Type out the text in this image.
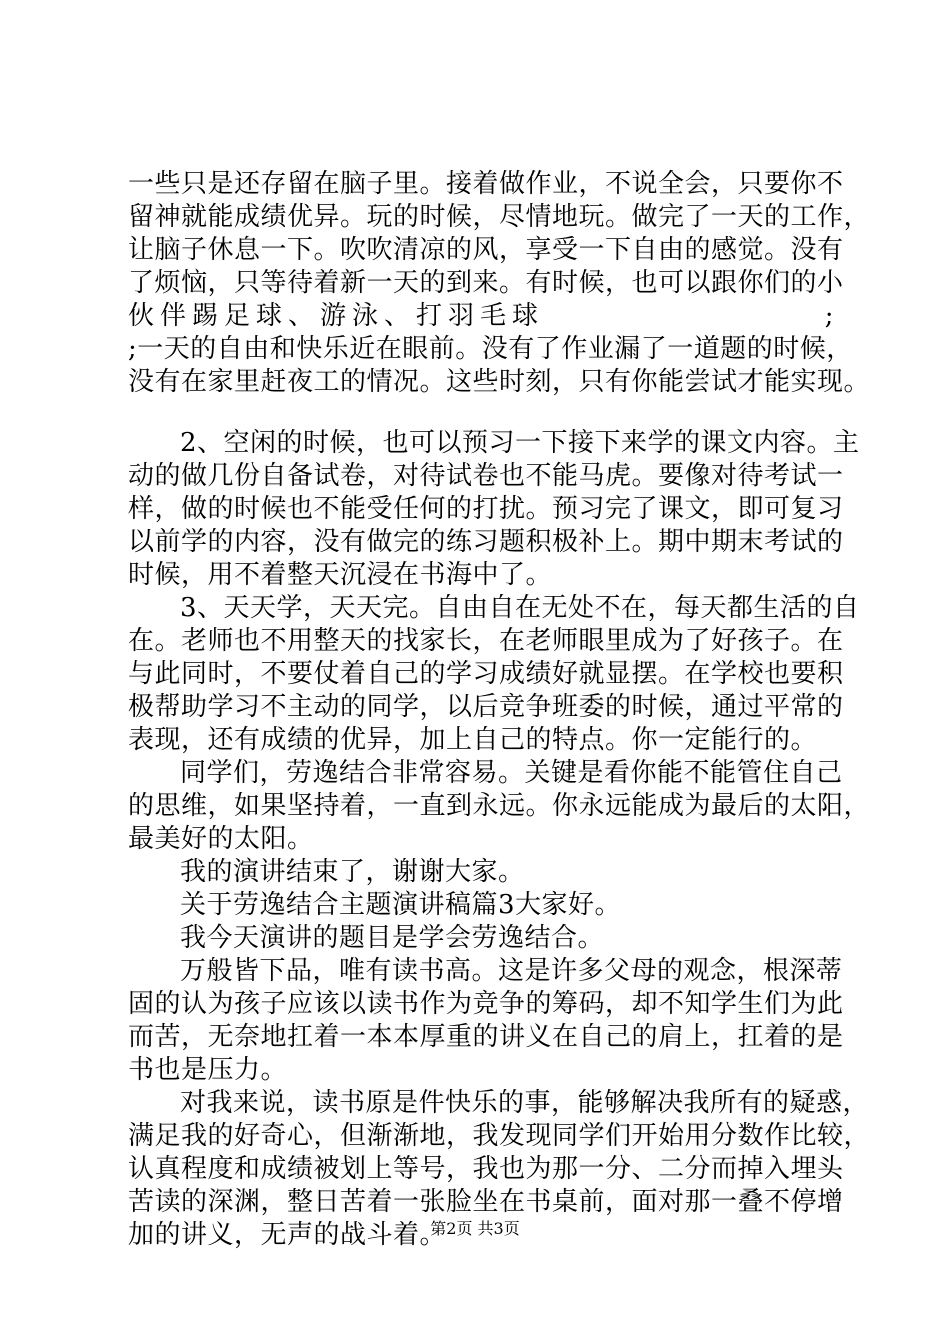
一些只是还存留在脑子里。接着做作业，不说全会，只要你不
留神就能成绩优异。玩的时候，尽情地玩。做完了一天的工作，
让脑子休息一下。吹吹清凉的风，享受一下自由的感觉。没有
了烦恼，只等待着新一天的到来。有时候，也可以跟你们的小
伙伴踢足球、游泳、打羽毛球	;
;一天的自由和快乐近在眼前。没有了作业漏了一道题的时候，
没有在家里赶夜工的情况。这些时刻，只有你能尝试才能实现。
2、空闲的时候，也可以预习一下接下来学的课文内容。主
动的做几份自备试卷，对待试卷也不能马虎。要像对待考试一
样，做的时候也不能受任何的打扰。预习完了课文，即可复习
以前学的内容，没有做完的练习题积极补上。期中期末考试的
时候，用不着整天沉浸在书海中了。
3、天天学，天天完。自由自在无处不在，每天都生活的自
在。老师也不用整天的找家长，在老师眼里成为了好孩子。在
与此同时，不要仗着自己的学习成绩好就显摆。在学校也要积
极帮助学习不主动的同学，以后竞争班委的时候，通过平常的
表现，还有成绩的优异，加上自己的特点。你一定能行的。
同学们，劳逸结合非常容易。关键是看你能不能管住自己
的思维，如果坚持着，一直到永远。你永远能成为最后的太阳，
最美好的太阳。
我的演讲结束了，谢谢大家。
关于劳逸结合主题演讲稿篇3大家好。
我今天演讲的题目是学会劳逸结合。
万般皆下品，唯有读书高。这是许多父母的观念，根深蒂
固的认为孩子应该以读书作为竞争的筹码，却不知学生们为此
而苦，无奈地扛着一本本厚重的讲义在自己的肩上，扛着的是
书也是压力。
对我来说，读书原是件快乐的事，能够解决我所有的疑惑，
满足我的好奇心，但渐渐地，我发现同学们开始用分数作比较，
认真程度和成绩被划上等号，我也为那一分、二分而掉入埋头
苦读的深渊，整日苦着一张脸坐在书桌前，面对那一叠不停增
加的讲义，无声的战斗着。
第2页 共3页
